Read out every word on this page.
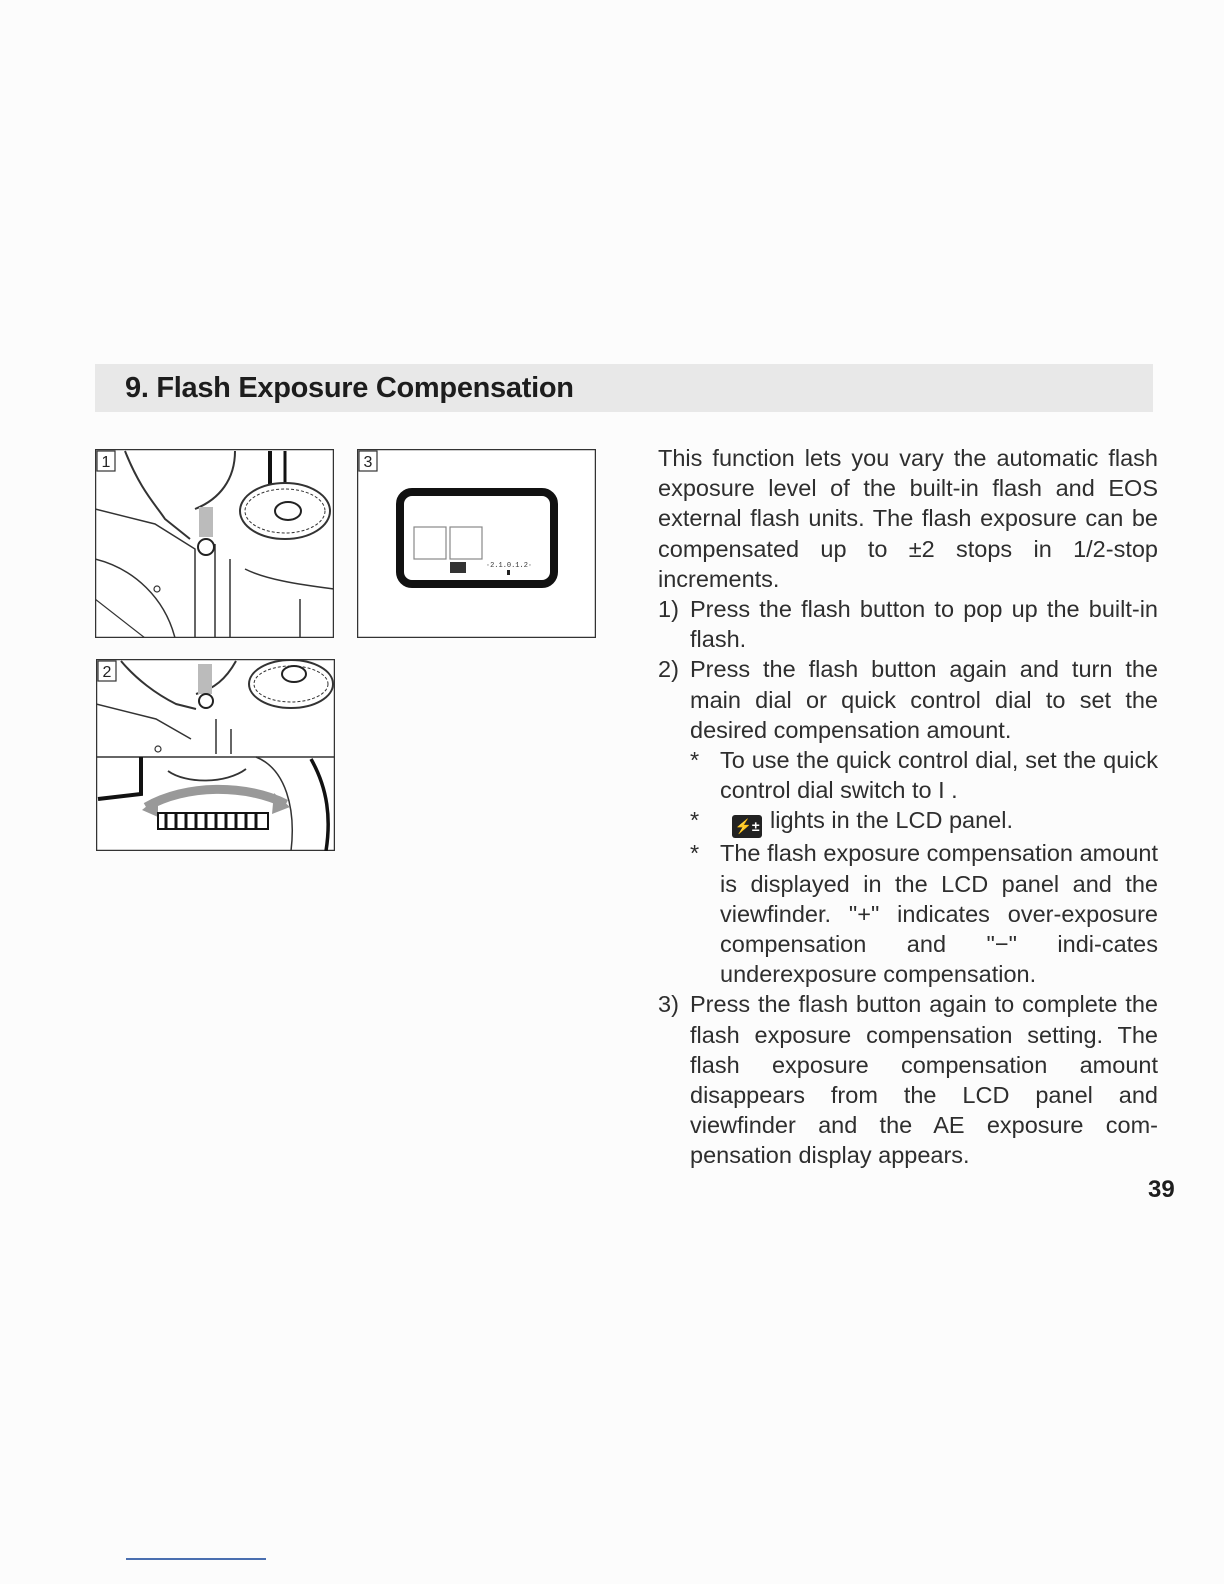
9. Flash Exposure Compensation
1
2
3
·2.1.0.1.2·

This function lets you vary the automatic flash exposure level of the built-in flash and EOS external flash units. The flash exposure can be compensated up to ±2 stops in 1/2-stop increments.

1) Press the flash button to pop up the built-in flash.
2) Press the flash button again and turn the main dial or quick control dial to set the desired compensation amount.
* To use the quick control dial, set the quick control dial switch to I .
*	⚡± lights in the LCD panel.
* The flash exposure compensation amount is displayed in the LCD panel and the viewfinder. "+" indicates over-exposure compensation and "−" indi-cates underexposure compensation.
3) Press the flash button again to complete the flash exposure compensation setting. The flash exposure compensation amount disappears from the LCD panel and viewfinder and the AE exposure com-pensation display appears.
39
